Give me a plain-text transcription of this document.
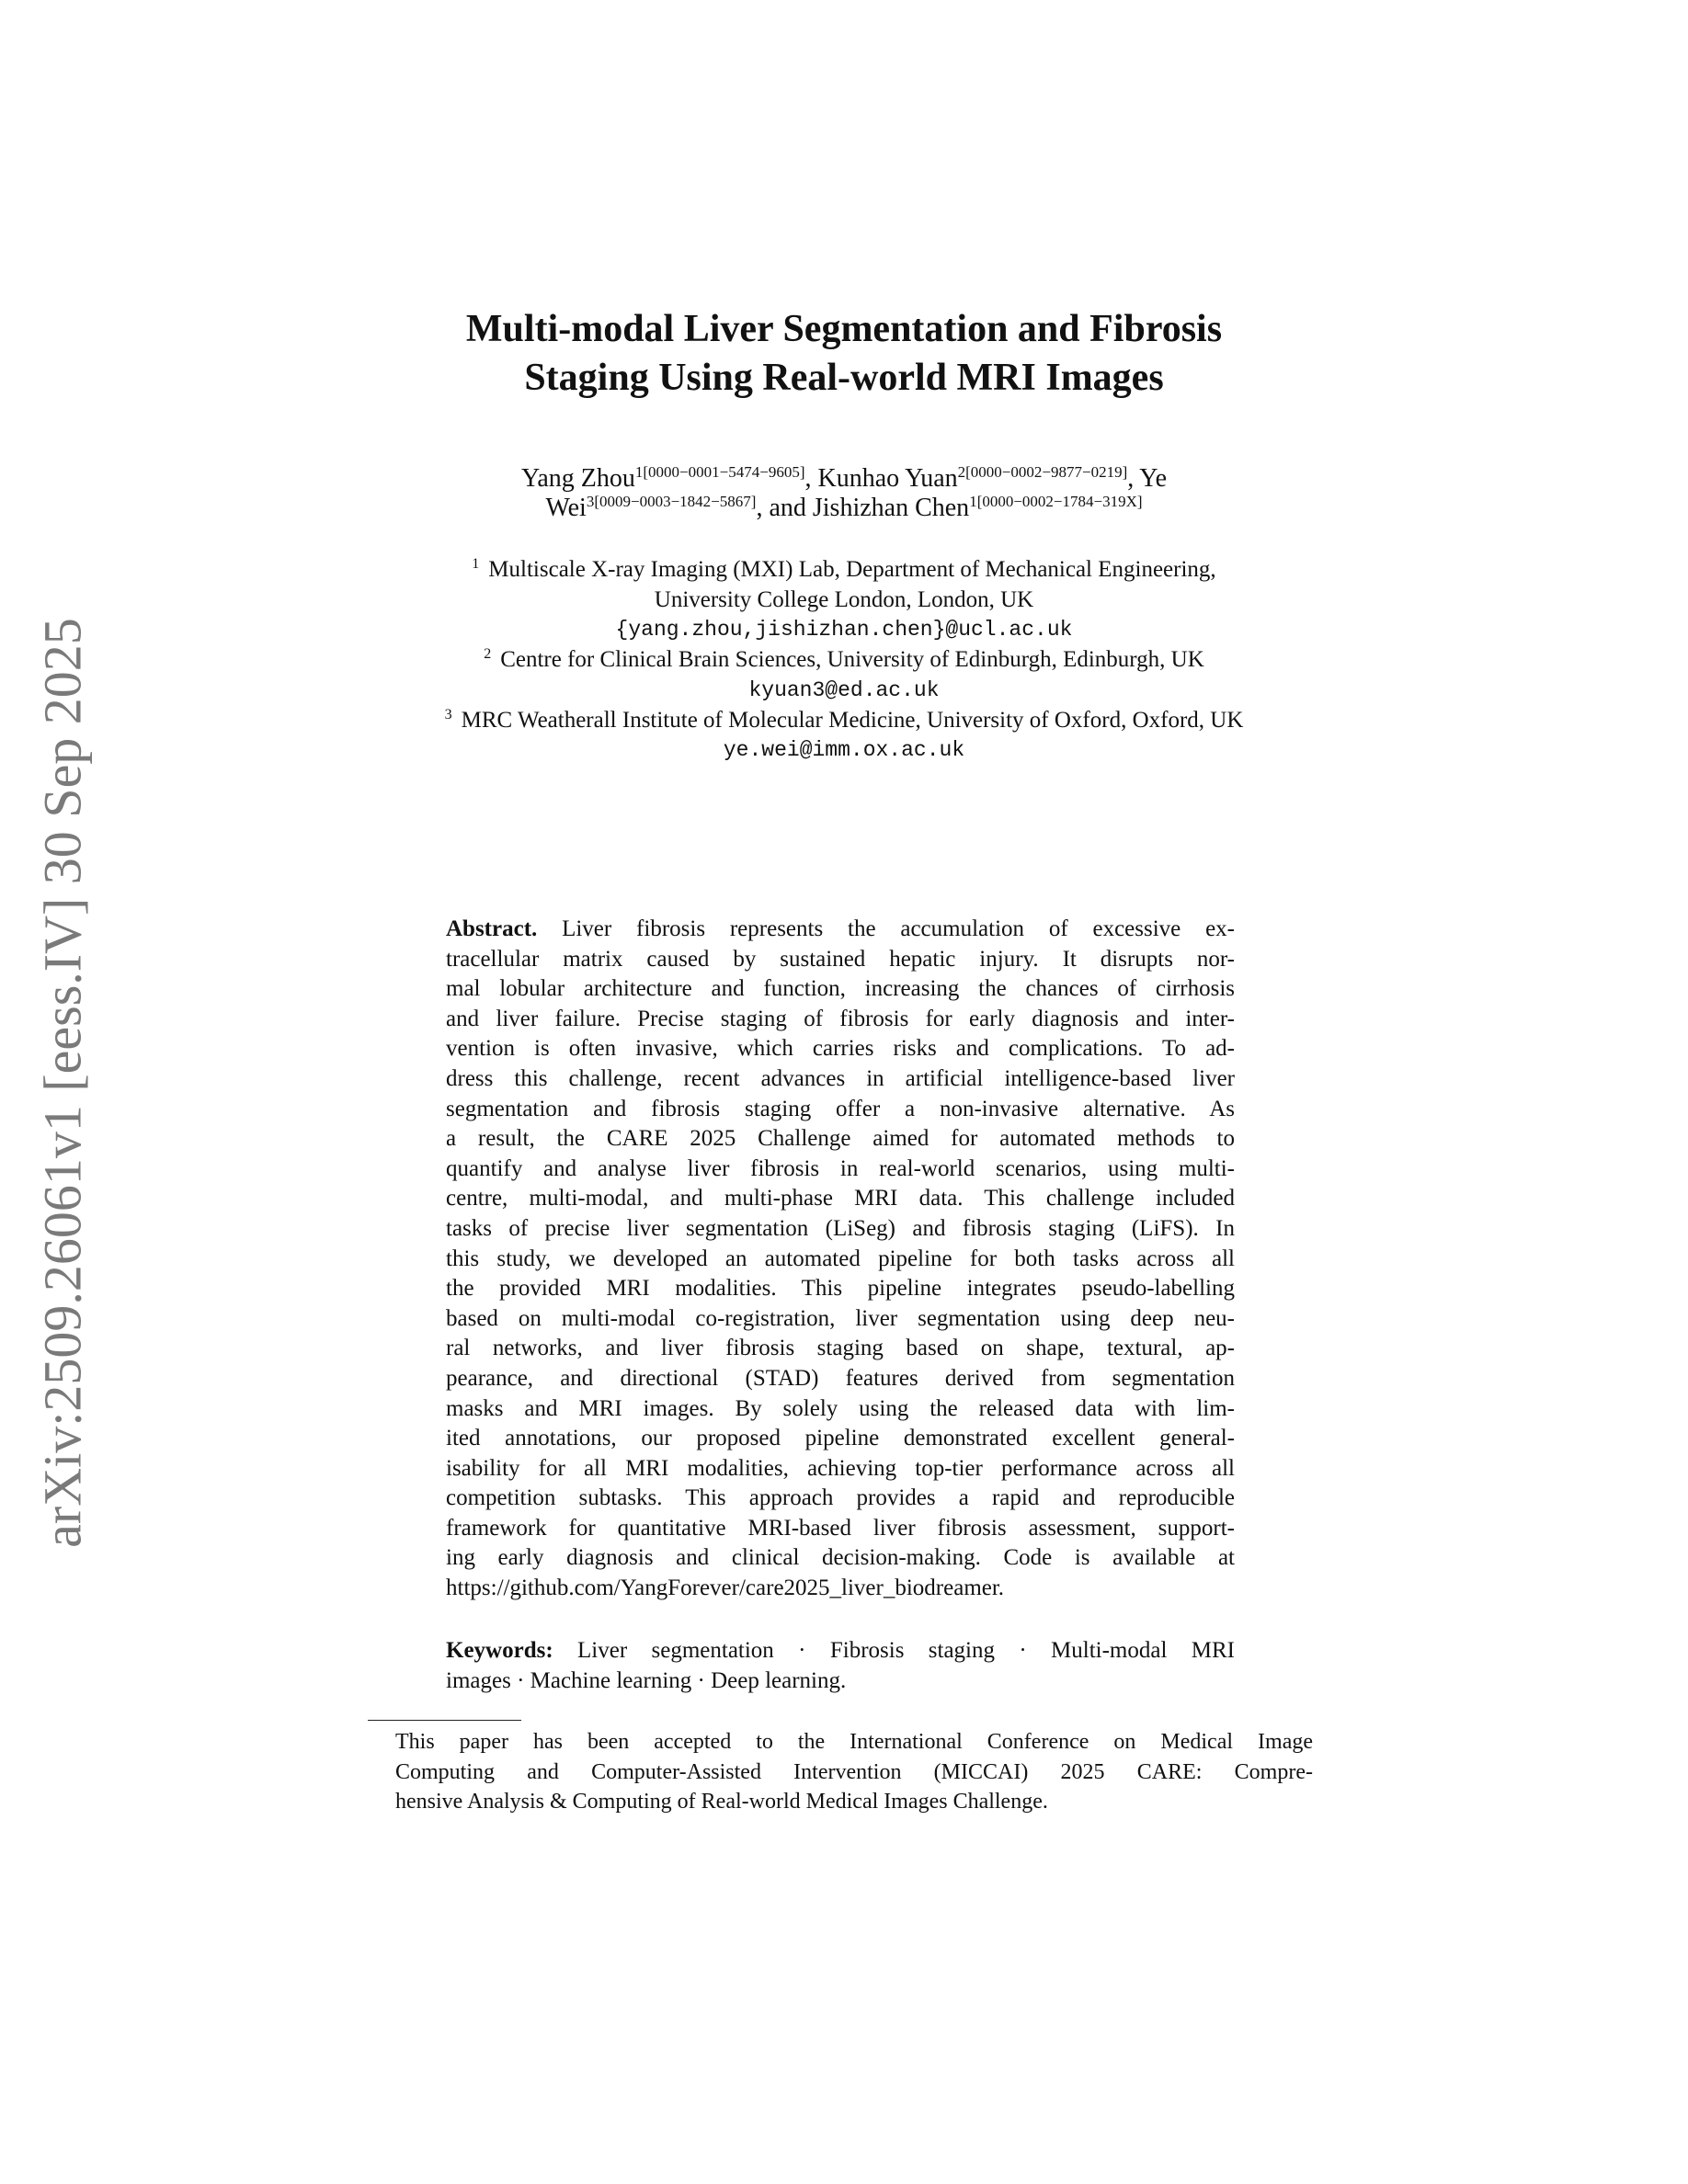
arXiv:2509.26061v1 [eess.IV] 30 Sep 2025
Multi-modal Liver Segmentation and Fibrosis
Staging Using Real-world MRI Images
Yang Zhou$^{1[0000-0001-5474-9605]}$, Kunhao Yuan$^{2[0000-0002-9877-0219]}$, Ye
Wei$^{3[0009-0003-1842-5867]}$, and Jishizhan Chen$^{1[0000-0002-1784-319X]}$
$^1$ Multiscale X-ray Imaging (MXI) Lab, Department of Mechanical Engineering,
University College London, London, UK
{yang.zhou,jishizhan.chen}@ucl.ac.uk
$^2$ Centre for Clinical Brain Sciences, University of Edinburgh, Edinburgh, UK
kyuan3@ed.ac.uk
$^3$ MRC Weatherall Institute of Molecular Medicine, University of Oxford, Oxford, UK
ye.wei@imm.ox.ac.uk
Abstract. Liver fibrosis represents the accumulation of excessive ex-
tracellular matrix caused by sustained hepatic injury. It disrupts nor-
mal lobular architecture and function, increasing the chances of cirrhosis
and liver failure. Precise staging of fibrosis for early diagnosis and inter-
vention is often invasive, which carries risks and complications. To ad-
dress this challenge, recent advances in artificial intelligence-based liver
segmentation and fibrosis staging offer a non-invasive alternative. As
a result, the CARE 2025 Challenge aimed for automated methods to
quantify and analyse liver fibrosis in real-world scenarios, using multi-
centre, multi-modal, and multi-phase MRI data. This challenge included
tasks of precise liver segmentation (LiSeg) and fibrosis staging (LiFS). In
this study, we developed an automated pipeline for both tasks across all
the provided MRI modalities. This pipeline integrates pseudo-labelling
based on multi-modal co-registration, liver segmentation using deep neu-
ral networks, and liver fibrosis staging based on shape, textural, ap-
pearance, and directional (STAD) features derived from segmentation
masks and MRI images. By solely using the released data with lim-
ited annotations, our proposed pipeline demonstrated excellent general-
isability for all MRI modalities, achieving top-tier performance across all
competition subtasks. This approach provides a rapid and reproducible
framework for quantitative MRI-based liver fibrosis assessment, support-
ing early diagnosis and clinical decision-making. Code is available at
https://github.com/YangForever/care2025_liver_biodreamer.
Keywords: Liver segmentation · Fibrosis staging · Multi-modal MRI
images · Machine learning · Deep learning.
This paper has been accepted to the International Conference on Medical Image
Computing and Computer-Assisted Intervention (MICCAI) 2025 CARE: Compre-
hensive Analysis & Computing of Real-world Medical Images Challenge.
